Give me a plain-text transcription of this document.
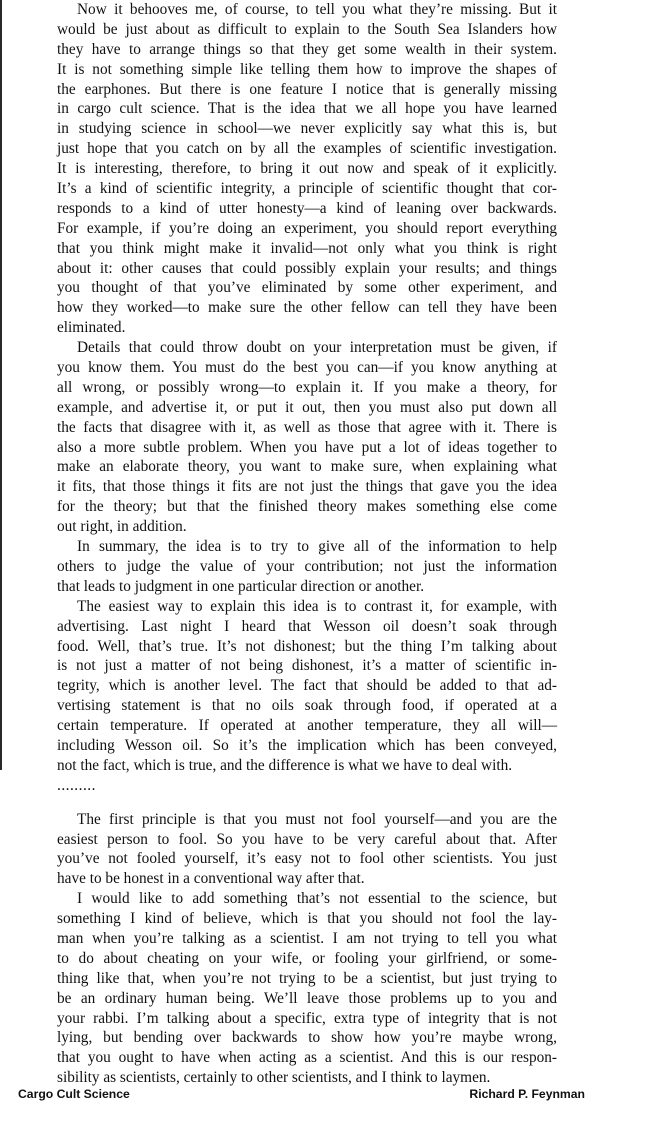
Now it behooves me, of course, to tell you what they’re missing. But it
would be just about as difficult to explain to the South Sea Islanders how
they have to arrange things so that they get some wealth in their system.
It is not something simple like telling them how to improve the shapes of
the earphones. But there is one feature I notice that is generally missing
in cargo cult science. That is the idea that we all hope you have learned
in studying science in school—we never explicitly say what this is, but
just hope that you catch on by all the examples of scientific investigation.
It is interesting, therefore, to bring it out now and speak of it explicitly.
It’s a kind of scientific integrity, a principle of scientific thought that cor-
responds to a kind of utter honesty—a kind of leaning over backwards.
For example, if you’re doing an experiment, you should report everything
that you think might make it invalid—not only what you think is right
about it: other causes that could possibly explain your results; and things
you thought of that you’ve eliminated by some other experiment, and
how they worked—to make sure the other fellow can tell they have been
eliminated.
Details that could throw doubt on your interpretation must be given, if
you know them. You must do the best you can—if you know anything at
all wrong, or possibly wrong—to explain it. If you make a theory, for
example, and advertise it, or put it out, then you must also put down all
the facts that disagree with it, as well as those that agree with it. There is
also a more subtle problem. When you have put a lot of ideas together to
make an elaborate theory, you want to make sure, when explaining what
it fits, that those things it fits are not just the things that gave you the idea
for the theory; but that the finished theory makes something else come
out right, in addition.
In summary, the idea is to try to give all of the information to help
others to judge the value of your contribution; not just the information
that leads to judgment in one particular direction or another.
The easiest way to explain this idea is to contrast it, for example, with
advertising. Last night I heard that Wesson oil doesn’t soak through
food. Well, that’s true. It’s not dishonest; but the thing I’m talking about
is not just a matter of not being dishonest, it’s a matter of scientific in-
tegrity, which is another level. The fact that should be added to that ad-
vertising statement is that no oils soak through food, if operated at a
certain temperature. If operated at another temperature, they all will—
including Wesson oil. So it’s the implication which has been conveyed,
not the fact, which is true, and the difference is what we have to deal with.
.........
The first principle is that you must not fool yourself—and you are the
easiest person to fool. So you have to be very careful about that. After
you’ve not fooled yourself, it’s easy not to fool other scientists. You just
have to be honest in a conventional way after that.
I would like to add something that’s not essential to the science, but
something I kind of believe, which is that you should not fool the lay-
man when you’re talking as a scientist. I am not trying to tell you what
to do about cheating on your wife, or fooling your girlfriend, or some-
thing like that, when you’re not trying to be a scientist, but just trying to
be an ordinary human being. We’ll leave those problems up to you and
your rabbi. I’m talking about a specific, extra type of integrity that is not
lying, but bending over backwards to show how you’re maybe wrong,
that you ought to have when acting as a scientist. And this is our respon-
sibility as scientists, certainly to other scientists, and I think to laymen.
Cargo Cult Science	Richard P. Feynman
